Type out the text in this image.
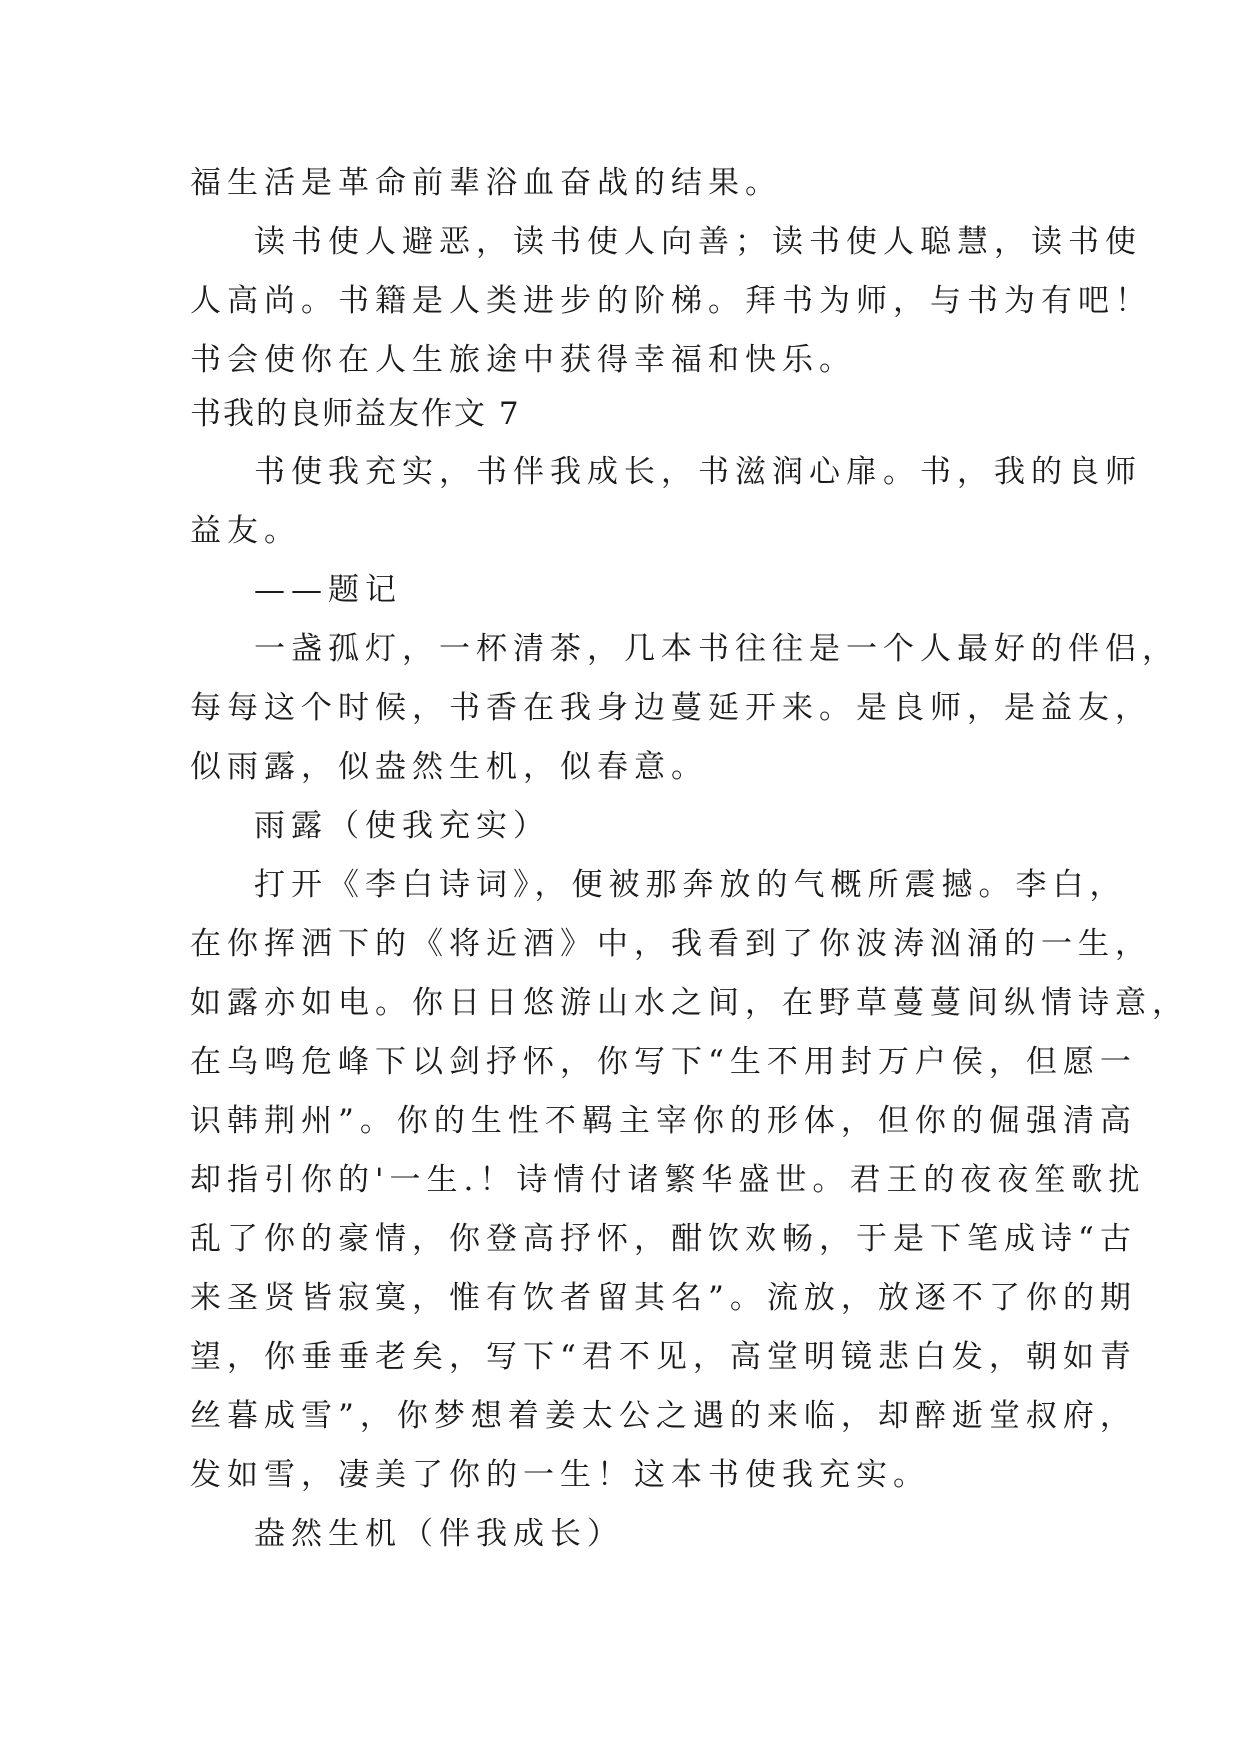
福生活是革命前辈浴血奋战的结果。
读书使人避恶，读书使人向善；读书使人聪慧，读书使
人高尚。书籍是人类进步的阶梯。拜书为师，与书为有吧！
书会使你在人生旅途中获得幸福和快乐。
书我的良师益友作文 7
书使我充实，书伴我成长，书滋润心扉。书，我的良师
益友。
——题记
一盏孤灯，一杯清茶，几本书往往是一个人最好的伴侣，
每每这个时候，书香在我身边蔓延开来。是良师，是益友，
似雨露，似盎然生机，似春意。
雨露（使我充实）
打开《李白诗词》，便被那奔放的气概所震撼。李白，
在你挥洒下的《将近酒》中，我看到了你波涛汹涌的一生，
如露亦如电。你日日悠游山水之间，在野草蔓蔓间纵情诗意，
在乌鸣危峰下以剑抒怀，你写下“生不用封万户侯，但愿一
识韩荆州”。你的生性不羁主宰你的形体，但你的倔强清高
却指引你的'一生.！诗情付诸繁华盛世。君王的夜夜笙歌扰
乱了你的豪情，你登高抒怀，酣饮欢畅，于是下笔成诗“古
来圣贤皆寂寞，惟有饮者留其名”。流放，放逐不了你的期
望，你垂垂老矣，写下“君不见，高堂明镜悲白发，朝如青
丝暮成雪”，你梦想着姜太公之遇的来临，却醉逝堂叔府，
发如雪，凄美了你的一生！这本书使我充实。
盎然生机（伴我成长）
